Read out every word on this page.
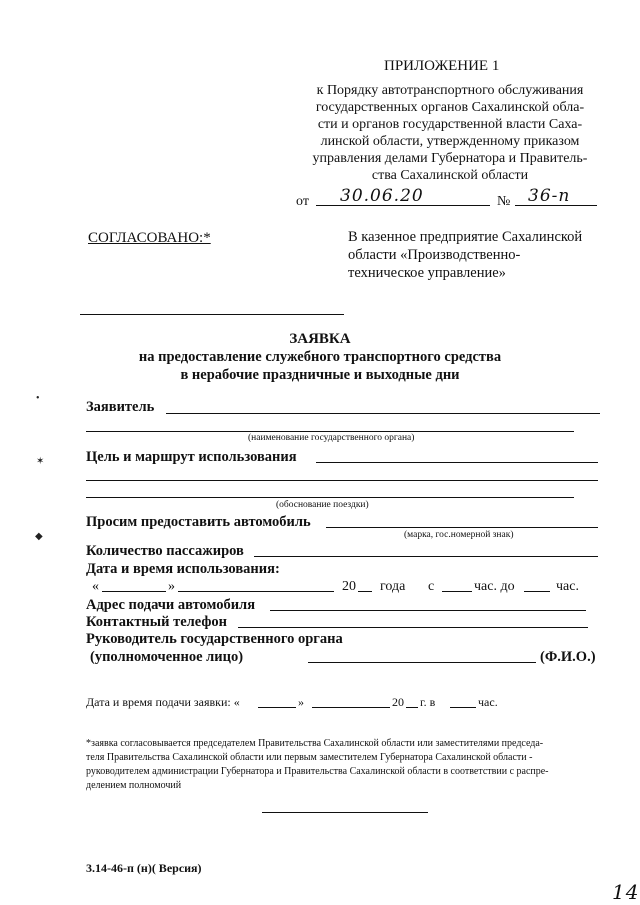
ПРИЛОЖЕНИЕ 1
к Порядку автотранспортного обслуживания
государственных органов Сахалинской обла-
сти и органов государственной власти Саха-
линской области, утвержденному приказом
управления делами Губернатора и Правитель-
ства Сахалинской области
от 30.06.20	№ 36-п
СОГЛАСОВАНО:*	В казенное предприятие Сахалинской
области «Производственно-
техническое управление»
ЗАЯВКА
на предоставление служебного транспортного средства
в нерабочие праздничные и выходные дни
Заявитель
(наименование государственного органа)
Цель и маршрут использования
(обоснование поездки)
Просим предоставить автомобиль
(марка, гос.номерной знак)
Количество пассажиров
Дата и время использования:
«	»	20 года с	час. до	час.
Адрес подачи автомобиля
Контактный телефон
Руководитель государственного органа
(уполномоченное лицо)	(Ф.И.О.)
Дата и время подачи заявки: «	»	20 г. в	час.
*заявка согласовывается председателем Правительства Сахалинской области или заместителями председа-
теля Правительства Сахалинской области или первым заместителем Губернатора Сахалинской области -
руководителем администрации Губернатора и Правительства Сахалинской области в соответствии с распре-
делением полномочий
3.14-46-п (н)( Версия)
14
•
✶
◆
